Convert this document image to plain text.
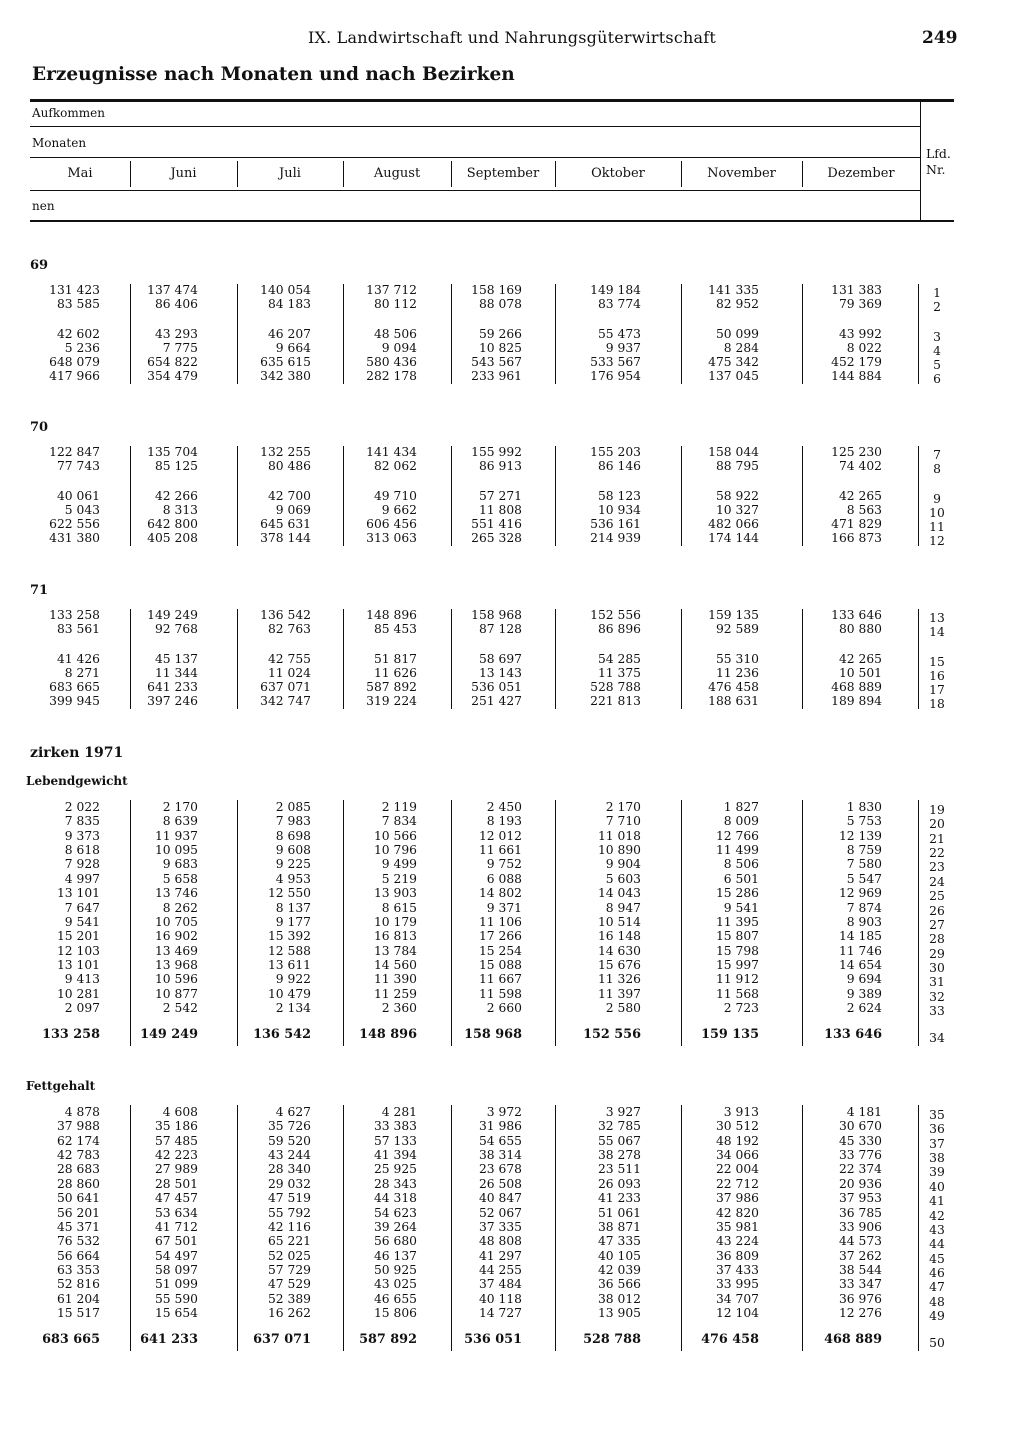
IX. Landwirtschaft und Nahrungsgüterwirtschaft	249
Erzeugnisse nach Monaten und nach Bezirken
Aufkommen
Monaten
nen
Lfd.
Nr.
Mai	Juni	Juli	August	September	Oktober	November	Dezember
69
131 423	137 474	140 054	137 712	158 169	149 184	141 335	131 383	1
83 585	86 406	84 183	80 112	88 078	83 774	82 952	79 369	2
42 602	43 293	46 207	48 506	59 266	55 473	50 099	43 992	3
5 236	7 775	9 664	9 094	10 825	9 937	8 284	8 022	4
648 079	654 822	635 615	580 436	543 567	533 567	475 342	452 179	5
417 966	354 479	342 380	282 178	233 961	176 954	137 045	144 884	6
70
122 847	135 704	132 255	141 434	155 992	155 203	158 044	125 230	7
77 743	85 125	80 486	82 062	86 913	86 146	88 795	74 402	8
40 061	42 266	42 700	49 710	57 271	58 123	58 922	42 265	9
5 043	8 313	9 069	9 662	11 808	10 934	10 327	8 563	10
622 556	642 800	645 631	606 456	551 416	536 161	482 066	471 829	11
431 380	405 208	378 144	313 063	265 328	214 939	174 144	166 873	12
71
133 258	149 249	136 542	148 896	158 968	152 556	159 135	133 646	13
83 561	92 768	82 763	85 453	87 128	86 896	92 589	80 880	14
41 426	45 137	42 755	51 817	58 697	54 285	55 310	42 265	15
8 271	11 344	11 024	11 626	13 143	11 375	11 236	10 501	16
683 665	641 233	637 071	587 892	536 051	528 788	476 458	468 889	17
399 945	397 246	342 747	319 224	251 427	221 813	188 631	189 894	18
zirken 1971
Lebendgewicht
2 022	2 170	2 085	2 119	2 450	2 170	1 827	1 830	19
7 835	8 639	7 983	7 834	8 193	7 710	8 009	5 753	20
9 373	11 937	8 698	10 566	12 012	11 018	12 766	12 139	21
8 618	10 095	9 608	10 796	11 661	10 890	11 499	8 759	22
7 928	9 683	9 225	9 499	9 752	9 904	8 506	7 580	23
4 997	5 658	4 953	5 219	6 088	5 603	6 501	5 547	24
13 101	13 746	12 550	13 903	14 802	14 043	15 286	12 969	25
7 647	8 262	8 137	8 615	9 371	8 947	9 541	7 874	26
9 541	10 705	9 177	10 179	11 106	10 514	11 395	8 903	27
15 201	16 902	15 392	16 813	17 266	16 148	15 807	14 185	28
12 103	13 469	12 588	13 784	15 254	14 630	15 798	11 746	29
13 101	13 968	13 611	14 560	15 088	15 676	15 997	14 654	30
9 413	10 596	9 922	11 390	11 667	11 326	11 912	9 694	31
10 281	10 877	10 479	11 259	11 598	11 397	11 568	9 389	32
2 097	2 542	2 134	2 360	2 660	2 580	2 723	2 624	33
133 258	149 249	136 542	148 896	158 968	152 556	159 135	133 646	34
Fettgehalt
4 878	4 608	4 627	4 281	3 972	3 927	3 913	4 181	35
37 988	35 186	35 726	33 383	31 986	32 785	30 512	30 670	36
62 174	57 485	59 520	57 133	54 655	55 067	48 192	45 330	37
42 783	42 223	43 244	41 394	38 314	38 278	34 066	33 776	38
28 683	27 989	28 340	25 925	23 678	23 511	22 004	22 374	39
28 860	28 501	29 032	28 343	26 508	26 093	22 712	20 936	40
50 641	47 457	47 519	44 318	40 847	41 233	37 986	37 953	41
56 201	53 634	55 792	54 623	52 067	51 061	42 820	36 785	42
45 371	41 712	42 116	39 264	37 335	38 871	35 981	33 906	43
76 532	67 501	65 221	56 680	48 808	47 335	43 224	44 573	44
56 664	54 497	52 025	46 137	41 297	40 105	36 809	37 262	45
63 353	58 097	57 729	50 925	44 255	42 039	37 433	38 544	46
52 816	51 099	47 529	43 025	37 484	36 566	33 995	33 347	47
61 204	55 590	52 389	46 655	40 118	38 012	34 707	36 976	48
15 517	15 654	16 262	15 806	14 727	13 905	12 104	12 276	49
683 665	641 233	637 071	587 892	536 051	528 788	476 458	468 889	50
